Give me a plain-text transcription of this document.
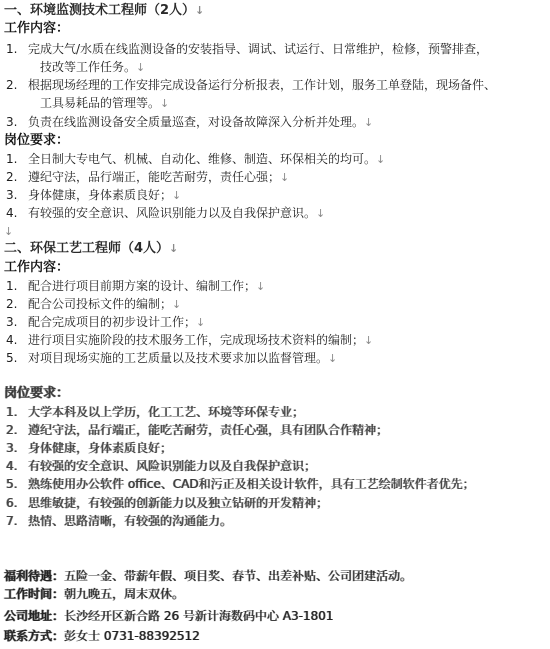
一、环境监测技术工程师（2人）↓
工作内容：
1. 完成大气/水质在线监测设备的安装指导、调试、试运行、日常维护，检修，预警排查，
技改等工作任务。↓
2. 根据现场经理的工作安排完成设备运行分析报表，工作计划，服务工单登陆，现场备件、
工具易耗品的管理等。↓
3. 负责在线监测设备安全质量巡查，对设备故障深入分析并处理。↓
岗位要求：
1. 全日制大专电气、机械、自动化、维修、制造、环保相关的均可。↓
2. 遵纪守法，品行端正，能吃苦耐劳，责任心强；↓
3. 身体健康，身体素质良好；↓
4. 有较强的安全意识、风险识别能力以及自我保护意识。↓
↓
二、环保工艺工程师（4人）↓
工作内容：
1. 配合进行项目前期方案的设计、编制工作；↓
2. 配合公司投标文件的编制；↓
3. 配合完成项目的初步设计工作；↓
4. 进行项目实施阶段的技术服务工作，完成现场技术资料的编制；↓
5. 对项目现场实施的工艺质量以及技术要求加以监督管理。↓
岗位要求：
1. 大学本科及以上学历，化工工艺、环境等环保专业；
2. 遵纪守法，品行端正，能吃苦耐劳，责任心强，具有团队合作精神；
3. 身体健康，身体素质良好；
4. 有较强的安全意识、风险识别能力以及自我保护意识；
5. 熟练使用办公软件 office、CAD和污正及相关设计软件，具有工艺绘制软件者优先；
6. 思维敏捷，有较强的创新能力以及独立钻研的开发精神；
7. 热情、思路清晰，有较强的沟通能力。
福利待遇：五险一金、带薪年假、项目奖、春节、出差补贴、公司团建活动。
工作时间：朝九晚五，周末双休。
公司地址：长沙经开区新合路 26 号新计海数码中心 A3-1801
联系方式：彭女士 0731-88392512
